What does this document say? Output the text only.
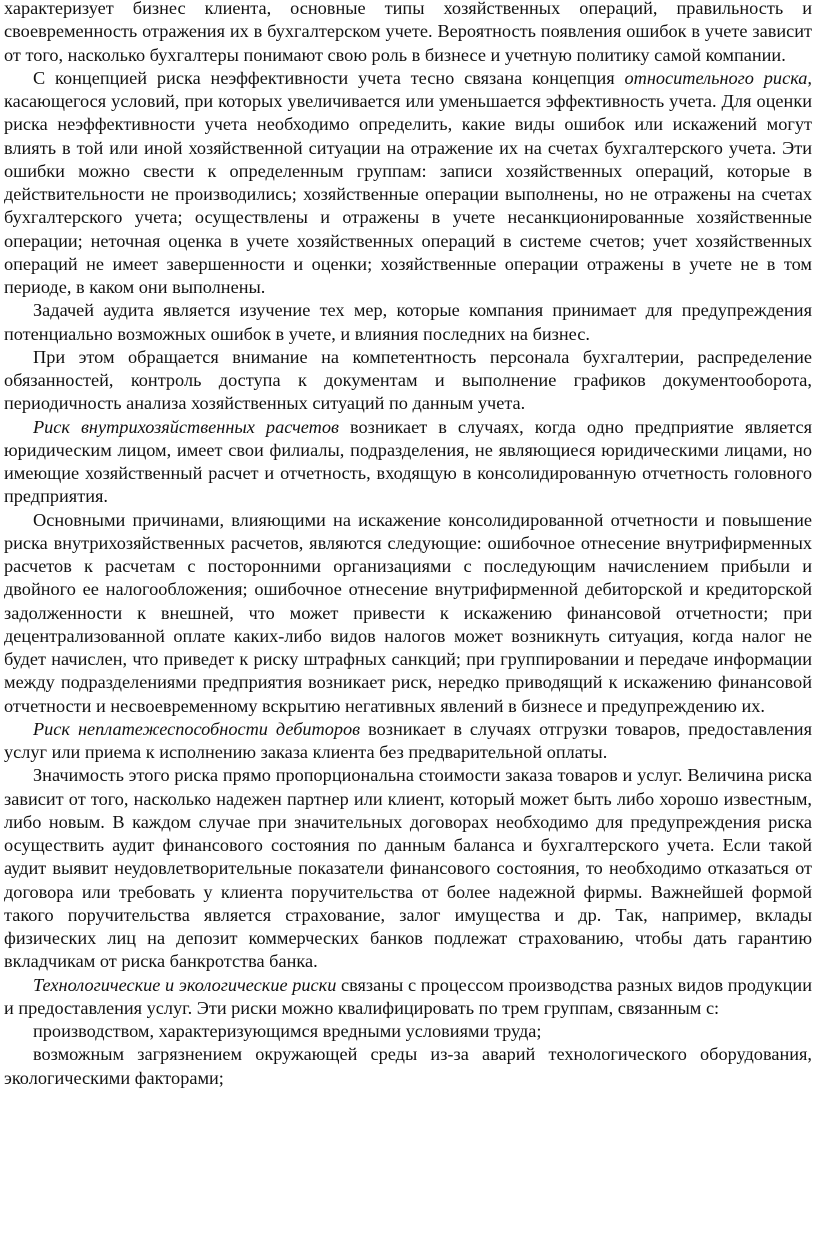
характеризует бизнес клиента, основные типы хозяйственных операций, правильность и своевременность отражения их в бухгалтерском учете. Вероятность появления ошибок в учете зависит от того, насколько бухгалтеры понимают свою роль в бизнесе и учетную политику самой компании.

С концепцией риска неэффективности учета тесно связана концепция относительного риска, касающегося условий, при которых увеличивается или уменьшается эффективность учета. Для оценки риска неэффективности учета необходимо определить, какие виды ошибок или искажений могут влиять в той или иной хозяйственной ситуации на отражение их на счетах бухгалтерского учета. Эти ошибки можно свести к определенным группам: записи хозяйственных операций, которые в действительности не производились; хозяйственные операции выполнены, но не отражены на счетах бухгалтерского учета; осуществлены и отражены в учете несанкционированные хозяйственные операции; неточная оценка в учете хозяйственных операций в системе счетов; учет хозяйственных операций не имеет завершенности и оценки; хозяйственные операции отражены в учете не в том периоде, в каком они выполнены.

Задачей аудита является изучение тех мер, которые компания принимает для предупреждения потенциально возможных ошибок в учете, и влияния последних на бизнес.

При этом обращается внимание на компетентность персонала бухгалтерии, распределение обязанностей, контроль доступа к документам и выполнение графиков документооборота, периодичность анализа хозяйственных ситуаций по данным учета.

Риск внутрихозяйственных расчетов возникает в случаях, когда одно предприятие является юридическим лицом, имеет свои филиалы, подразделения, не являющиеся юридическими лицами, но имеющие хозяйственный расчет и отчетность, входящую в консолидированную отчетность головного предприятия.

Основными причинами, влияющими на искажение консолидированной отчетности и повышение риска внутрихозяйственных расчетов, являются следующие: ошибочное отнесение внутрифирменных расчетов к расчетам с посторонними организациями с последующим начислением прибыли и двойного ее налогообложения; ошибочное отнесение внутрифирменной дебиторской и кредиторской задолженности к внешней, что может привести к искажению финансовой отчетности; при децентрализованной оплате каких-либо видов налогов может возникнуть ситуация, когда налог не будет начислен, что приведет к риску штрафных санкций; при группировании и передаче информации между подразделениями предприятия возникает риск, нередко приводящий к искажению финансовой отчетности и несвоевременному вскрытию негативных явлений в бизнесе и предупреждению их.

Риск неплатежеспособности дебиторов возникает в случаях отгрузки товаров, предоставления услуг или приема к исполнению заказа клиента без предварительной оплаты.

Значимость этого риска прямо пропорциональна стоимости заказа товаров и услуг. Величина риска зависит от того, насколько надежен партнер или клиент, который может быть либо хорошо известным, либо новым. В каждом случае при значительных договорах необходимо для предупреждения риска осуществить аудит финансового состояния по данным баланса и бухгалтерского учета. Если такой аудит выявит неудовлетворительные показатели финансового состояния, то необходимо отказаться от договора или требовать у клиента поручительства от более надежной фирмы. Важнейшей формой такого поручительства является страхование, залог имущества и др. Так, например, вклады физических лиц на депозит коммерческих банков подлежат страхованию, чтобы дать гарантию вкладчикам от риска банкротства банка.

Технологические и экологические риски связаны с процессом производства разных видов продукции и предоставления услуг. Эти риски можно квалифицировать по трем группам, связанным с:

производством, характеризующимся вредными условиями труда;

возможным загрязнением окружающей среды из-за аварий технологического оборудования, экологическими факторами;
